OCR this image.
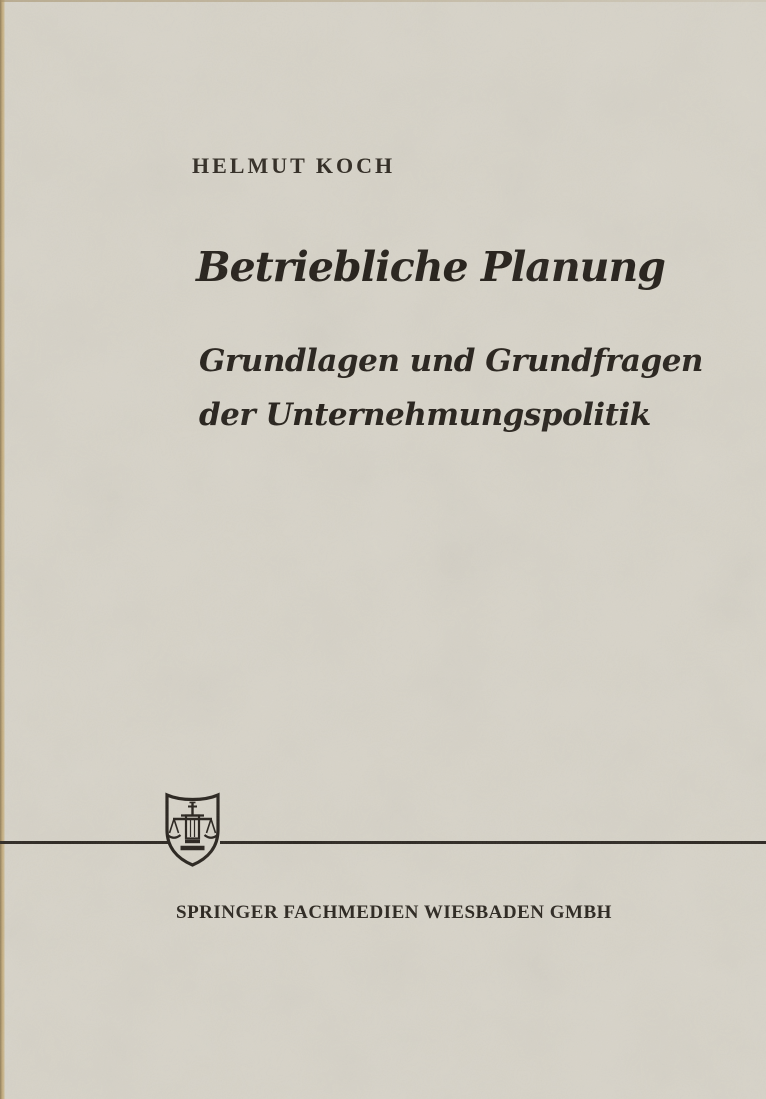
HELMUT KOCH
Betriebliche Planung
Grundlagen und Grundfragen
der Unternehmungspolitik
SPRINGER FACHMEDIEN WIESBADEN GMBH
